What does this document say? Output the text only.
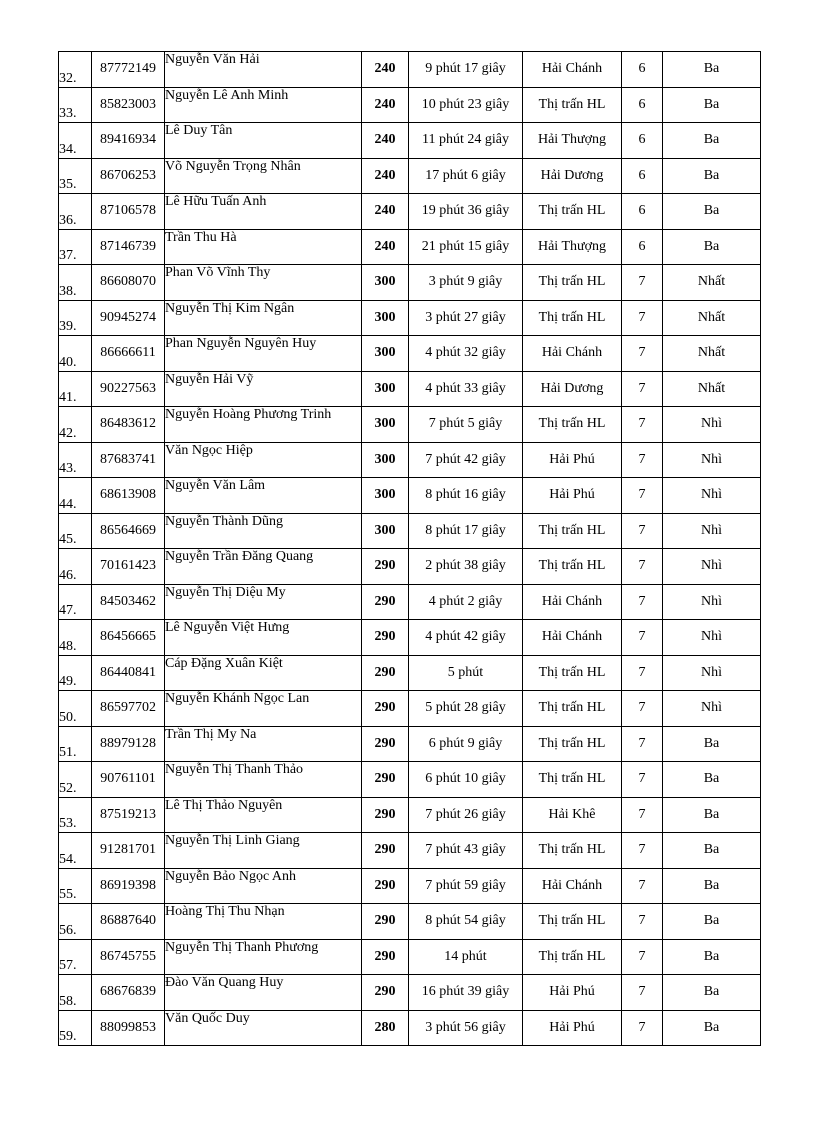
32.	87772149	Nguyễn Văn Hải	240	9 phút 17 giây	Hải Chánh	6	Ba
33.	85823003	Nguyễn Lê Anh Minh	240	10 phút 23 giây	Thị trấn HL	6	Ba
34.	89416934	Lê Duy Tân	240	11 phút 24 giây	Hải Thượng	6	Ba
35.	86706253	Võ Nguyễn Trọng Nhân	240	17 phút 6 giây	Hải Dương	6	Ba
36.	87106578	Lê Hữu Tuấn Anh	240	19 phút 36 giây	Thị trấn HL	6	Ba
37.	87146739	Trần Thu Hà	240	21 phút 15 giây	Hải Thượng	6	Ba
38.	86608070	Phan Võ Vĩnh Thy	300	3 phút 9 giây	Thị trấn HL	7	Nhất
39.	90945274	Nguyễn Thị Kim Ngân	300	3 phút 27 giây	Thị trấn HL	7	Nhất
40.	86666611	Phan Nguyễn Nguyên Huy	300	4 phút 32 giây	Hải Chánh	7	Nhất
41.	90227563	Nguyễn Hải Vỹ	300	4 phút 33 giây	Hải Dương	7	Nhất
42.	86483612	Nguyễn Hoàng Phương Trinh	300	7 phút 5 giây	Thị trấn HL	7	Nhì
43.	87683741	Văn Ngọc Hiệp	300	7 phút 42 giây	Hải Phú	7	Nhì
44.	68613908	Nguyễn Văn Lâm	300	8 phút 16 giây	Hải Phú	7	Nhì
45.	86564669	Nguyễn Thành Dũng	300	8 phút 17 giây	Thị trấn HL	7	Nhì
46.	70161423	Nguyễn Trần Đăng Quang	290	2 phút 38 giây	Thị trấn HL	7	Nhì
47.	84503462	Nguyễn Thị Diệu My	290	4 phút 2 giây	Hải Chánh	7	Nhì
48.	86456665	Lê Nguyễn Việt Hưng	290	4 phút 42 giây	Hải Chánh	7	Nhì
49.	86440841	Cáp Đặng Xuân Kiệt	290	5 phút	Thị trấn HL	7	Nhì
50.	86597702	Nguyễn Khánh Ngọc Lan	290	5 phút 28 giây	Thị trấn HL	7	Nhì
51.	88979128	Trần Thị My Na	290	6 phút 9 giây	Thị trấn HL	7	Ba
52.	90761101	Nguyễn Thị Thanh Thảo	290	6 phút 10 giây	Thị trấn HL	7	Ba
53.	87519213	Lê Thị Thảo Nguyên	290	7 phút 26 giây	Hải Khê	7	Ba
54.	91281701	Nguyễn Thị Linh Giang	290	7 phút 43 giây	Thị trấn HL	7	Ba
55.	86919398	Nguyễn Bảo Ngọc Anh	290	7 phút 59 giây	Hải Chánh	7	Ba
56.	86887640	Hoàng Thị Thu Nhạn	290	8 phút 54 giây	Thị trấn HL	7	Ba
57.	86745755	Nguyễn Thị Thanh Phương	290	14 phút	Thị trấn HL	7	Ba
58.	68676839	Đào Văn Quang Huy	290	16 phút 39 giây	Hải Phú	7	Ba
59.	88099853	Văn Quốc Duy	280	3 phút 56 giây	Hải Phú	7	Ba
